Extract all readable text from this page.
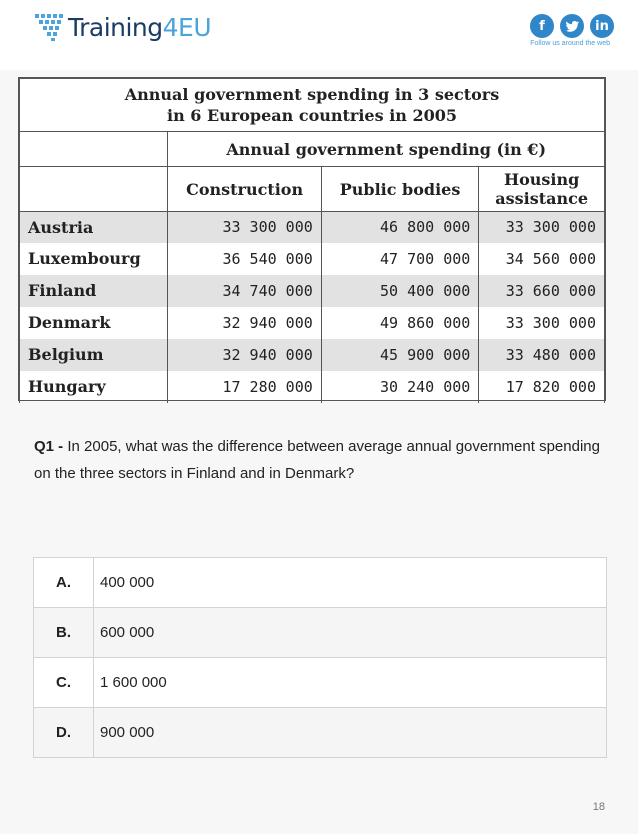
Training4EU	f	in
Follow us around the web
Annual government spending in 3 sectors
in 6 European countries in 2005			

	Annual government spending (in €)		
	Construction	Public bodies	Housing
assistance

Austria	33 300 000	46 800 000	33 300 000
Luxembourg	36 540 000	47 700 000	34 560 000
Finland	34 740 000	50 400 000	33 660 000
Denmark	32 940 000	49 860 000	33 300 000
Belgium	32 940 000	45 900 000	33 480 000
Hungary	17 280 000	30 240 000	17 820 000
Q1 - In 2005, what was the difference between average annual government spending on the three sectors in Finland and in Denmark?
A.	400 000
B.	600 000
C.	1 600 000
D.	900 000
18
